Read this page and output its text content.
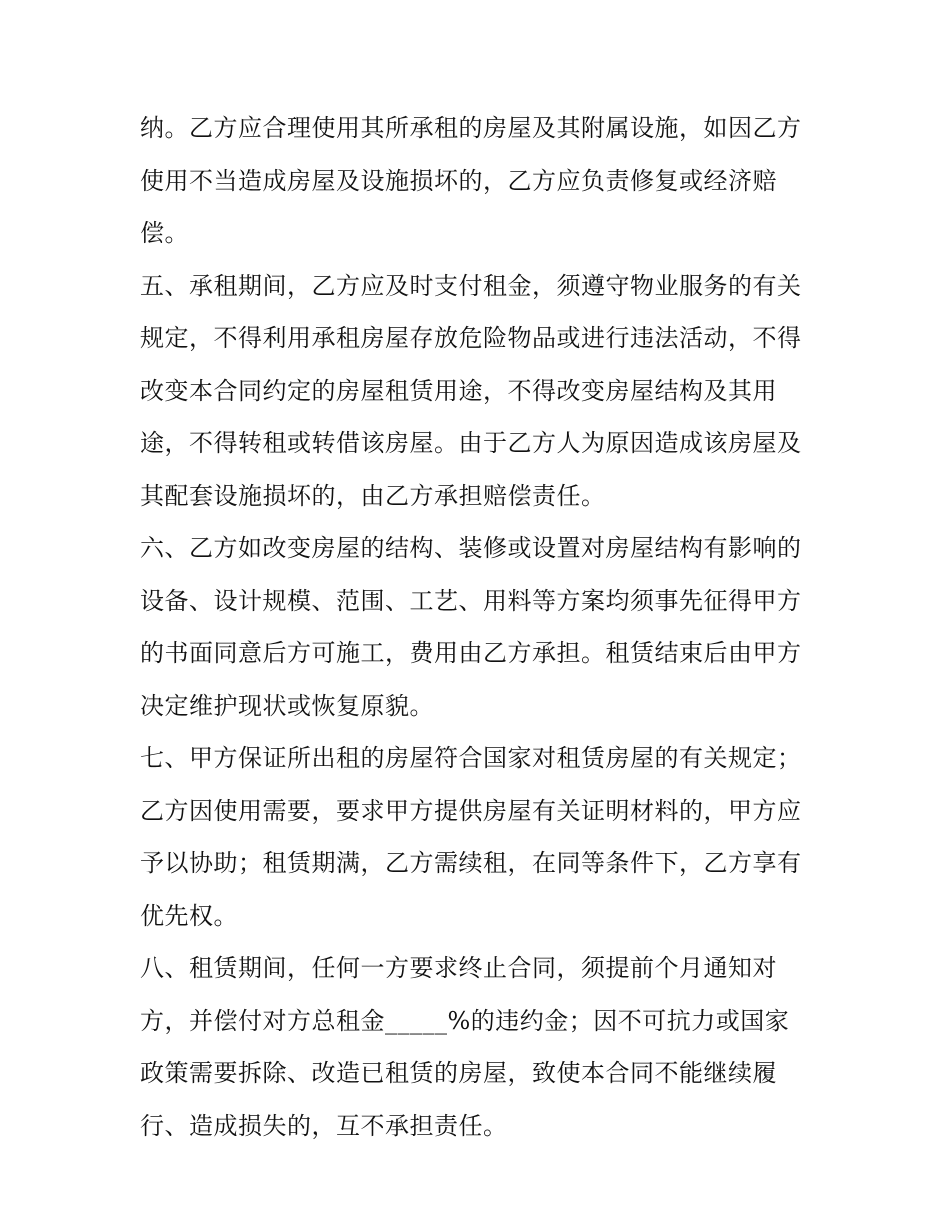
纳。乙方应合理使用其所承租的房屋及其附属设施，如因乙方
使用不当造成房屋及设施损坏的，乙方应负责修复或经济赔
偿。
五、承租期间，乙方应及时支付租金，须遵守物业服务的有关
规定，不得利用承租房屋存放危险物品或进行违法活动，不得
改变本合同约定的房屋租赁用途，不得改变房屋结构及其用
途，不得转租或转借该房屋。由于乙方人为原因造成该房屋及
其配套设施损坏的，由乙方承担赔偿责任。
六、乙方如改变房屋的结构、装修或设置对房屋结构有影响的
设备、设计规模、范围、工艺、用料等方案均须事先征得甲方
的书面同意后方可施工，费用由乙方承担。租赁结束后由甲方
决定维护现状或恢复原貌。
七、甲方保证所出租的房屋符合国家对租赁房屋的有关规定；
乙方因使用需要，要求甲方提供房屋有关证明材料的，甲方应
予以协助；租赁期满，乙方需续租，在同等条件下，乙方享有
优先权。
八、租赁期间，任何一方要求终止合同，须提前个月通知对
方，并偿付对方总租金_____%的违约金；因不可抗力或国家
政策需要拆除、改造已租赁的房屋，致使本合同不能继续履
行、造成损失的，互不承担责任。
